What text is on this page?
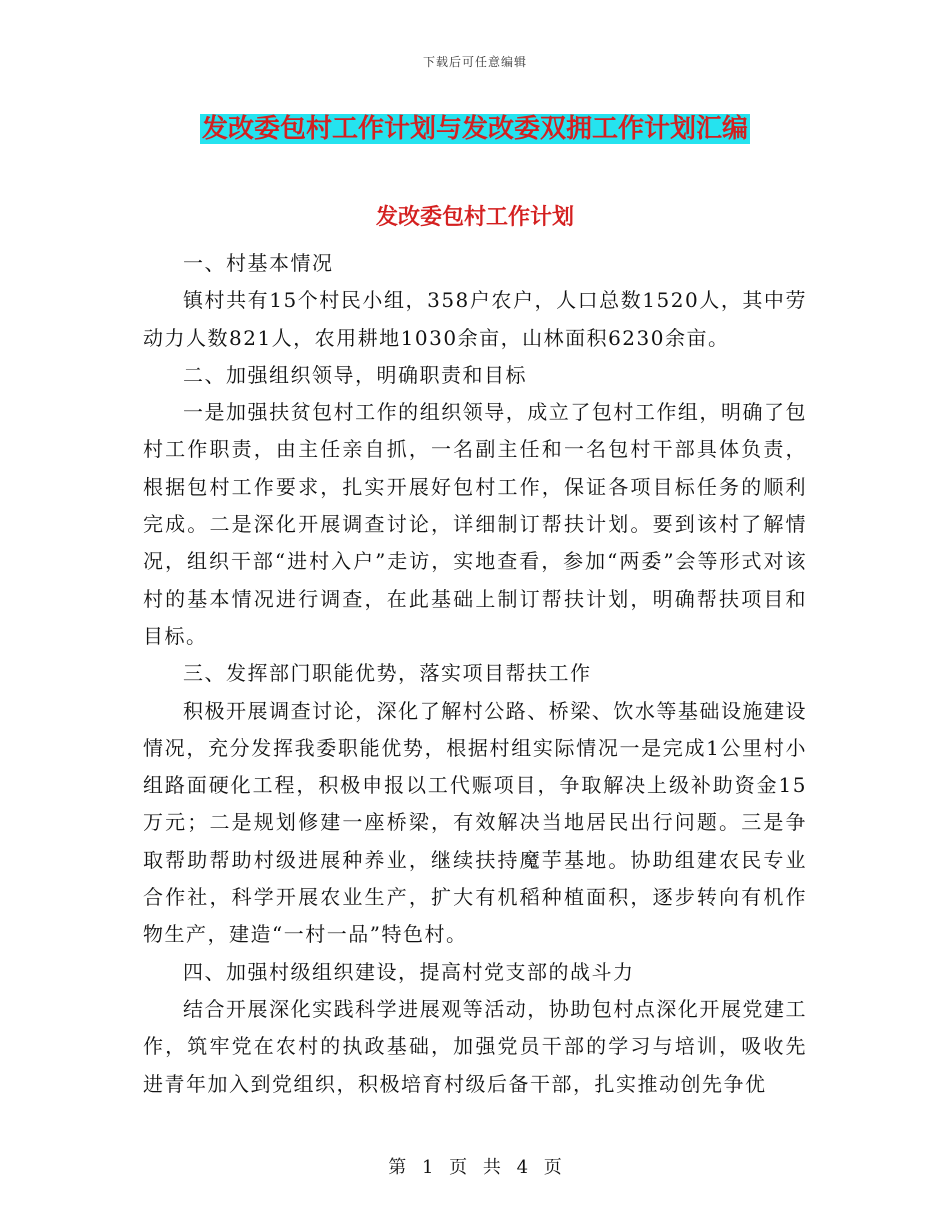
下载后可任意编辑
发改委包村工作计划与发改委双拥工作计划汇编
发改委包村工作计划

一、村基本情况

镇村共有15个村民小组，358户农户，人口总数1520人，其中劳动力人数821人，农用耕地1030余亩，山林面积6230余亩。

二、加强组织领导，明确职责和目标

一是加强扶贫包村工作的组织领导，成立了包村工作组，明确了包村工作职责，由主任亲自抓，一名副主任和一名包村干部具体负责，根据包村工作要求，扎实开展好包村工作，保证各项目标任务的顺利完成。二是深化开展调查讨论，详细制订帮扶计划。要到该村了解情况，组织干部“进村入户”走访，实地查看，参加“两委”会等形式对该村的基本情况进行调查，在此基础上制订帮扶计划，明确帮扶项目和目标。

三、发挥部门职能优势，落实项目帮扶工作

积极开展调查讨论，深化了解村公路、桥梁、饮水等基础设施建设情况，充分发挥我委职能优势，根据村组实际情况一是完成1公里村小组路面硬化工程，积极申报以工代赈项目，争取解决上级补助资金15万元；二是规划修建一座桥梁，有效解决当地居民出行问题。三是争取帮助帮助村级进展种养业，继续扶持魔芋基地。协助组建农民专业合作社，科学开展农业生产，扩大有机稻种植面积，逐步转向有机作物生产，建造“一村一品”特色村。

四、加强村级组织建设，提高村党支部的战斗力

结合开展深化实践科学进展观等活动，协助包村点深化开展党建工作，筑牢党在农村的执政基础，加强党员干部的学习与培训，吸收先进青年加入到党组织，积极培育村级后备干部，扎实推动创先争优

第 1 页 共 4 页
